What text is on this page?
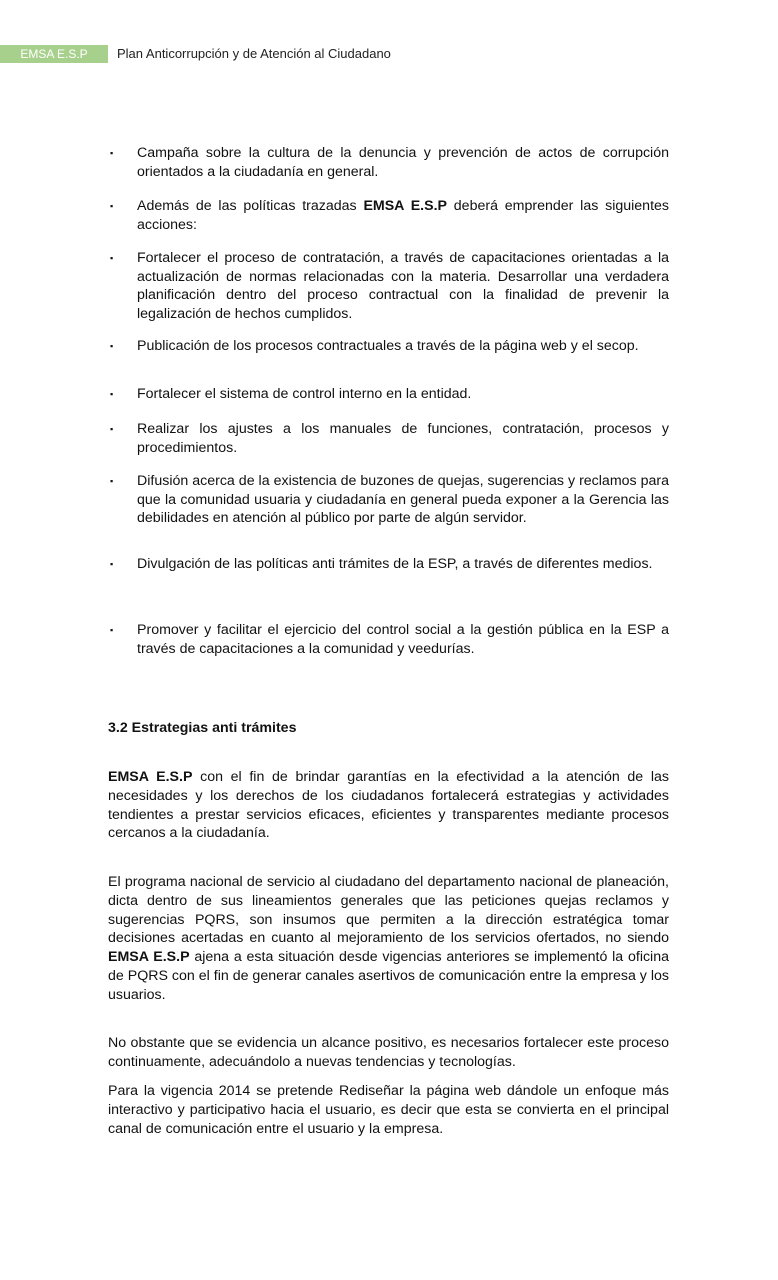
EMSA E.S.P	Plan Anticorrupción y de Atención al Ciudadano
▪ Campaña sobre la cultura de la denuncia y prevención de actos de corrupción orientados a la ciudadanía en general.
▪ Además de las políticas trazadas EMSA E.S.P deberá emprender las siguientes acciones:
▪ Fortalecer el proceso de contratación, a través de capacitaciones orientadas a la actualización de normas relacionadas con la materia. Desarrollar una verdadera planificación dentro del proceso contractual con la finalidad de prevenir la legalización de hechos cumplidos.
▪ Publicación de los procesos contractuales a través de la página web y el secop.
▪ Fortalecer el sistema de control interno en la entidad.
▪ Realizar los ajustes a los manuales de funciones, contratación, procesos y procedimientos.
▪ Difusión acerca de la existencia de buzones de quejas, sugerencias y reclamos para que la comunidad usuaria y ciudadanía en general pueda exponer a la Gerencia las debilidades en atención al público por parte de algún servidor.
▪ Divulgación de las políticas anti trámites de la ESP, a través de diferentes medios.
▪ Promover y facilitar el ejercicio del control social a la gestión pública en la ESP a través de capacitaciones a la comunidad y veedurías.
3.2 Estrategias anti trámites
EMSA E.S.P con el fin de brindar garantías en la efectividad a la atención de las necesidades y los derechos de los ciudadanos fortalecerá estrategias y actividades tendientes a prestar servicios eficaces, eficientes y transparentes mediante procesos cercanos a la ciudadanía.
El programa nacional de servicio al ciudadano del departamento nacional de planeación, dicta dentro de sus lineamientos generales que las peticiones quejas reclamos y sugerencias PQRS, son insumos que permiten a la dirección estratégica tomar decisiones acertadas en cuanto al mejoramiento de los servicios ofertados, no siendo EMSA E.S.P ajena a esta situación desde vigencias anteriores se implementó la oficina de PQRS con el fin de generar canales asertivos de comunicación entre la empresa y los usuarios.
No obstante que se evidencia un alcance positivo, es necesarios fortalecer este proceso continuamente, adecuándolo a nuevas tendencias y tecnologías.
Para la vigencia 2014 se pretende Rediseñar la página web dándole un enfoque más interactivo y participativo hacia el usuario, es decir que esta se convierta en el principal canal de comunicación entre el usuario y la empresa.
